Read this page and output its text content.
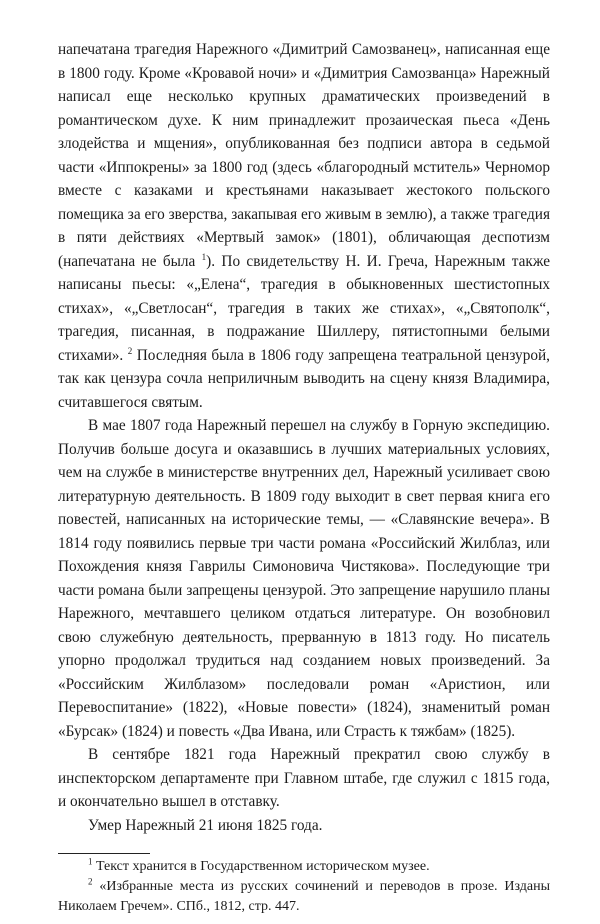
напечатана трагедия Нарежного «Димитрий Самозванец», написанная еще в 1800 году. Кроме «Кровавой ночи» и «Димитрия Самозванца» Нарежный написал еще несколько крупных драматических произведений в романтическом духе. К ним принадлежит прозаическая пьеса «День злодейства и мщения», опубликованная без подписи автора в седьмой части «Иппокрены» за 1800 год (здесь «благородный мститель» Черномор вместе с казаками и крестьянами наказывает жестокого польского помещика за его зверства, закапывая его живым в землю), а также трагедия в пяти действиях «Мертвый замок» (1801), обличающая деспотизм (напечатана не была $^1$). По свидетельству Н. И. Греча, Нарежным также написаны пьесы: «„Елена“, трагедия в обыкновенных шестистопных стихах», «„Светлосан“, трагедия в таких же стихах», «„Святополк“, трагедия, писанная, в подражание Шиллеру, пятистопными белыми стихами». $^2$ Последняя была в 1806 году запрещена театральной цензурой, так как цензура сочла неприличным выводить на сцену князя Владимира, считавшегося святым.

В мае 1807 года Нарежный перешел на службу в Горную экспедицию. Получив больше досуга и оказавшись в лучших материальных условиях, чем на службе в министерстве внутренних дел, Нарежный усиливает свою литературную деятельность. В 1809 году выходит в свет первая книга его повестей, написанных на исторические темы, — «Славянские вечера». В 1814 году появились первые три части романа «Российский Жилблаз, или Похождения князя Гаврилы Симоновича Чистякова». Последующие три части романа были запрещены цензурой. Это запрещение нарушило планы Нарежного, мечтавшего целиком отдаться литературе. Он возобновил свою служебную деятельность, прерванную в 1813 году. Но писатель упорно продолжал трудиться над созданием новых произведений. За «Российским Жилблазом» последовали роман «Аристион, или Перевоспитание» (1822), «Новые повести» (1824), знаменитый роман «Бурсак» (1824) и повесть «Два Ивана, или Страсть к тяжбам» (1825).

В сентябре 1821 года Нарежный прекратил свою службу в инспекторском департаменте при Главном штабе, где служил с 1815 года, и окончательно вышел в отставку.

Умер Нарежный 21 июня 1825 года.

$^1$ Текст хранится в Государственном историческом музее.

$^2$ «Избранные места из русских сочинений и переводов в прозе. Изданы Николаем Гречем». СПб., 1812, стр. 447.
